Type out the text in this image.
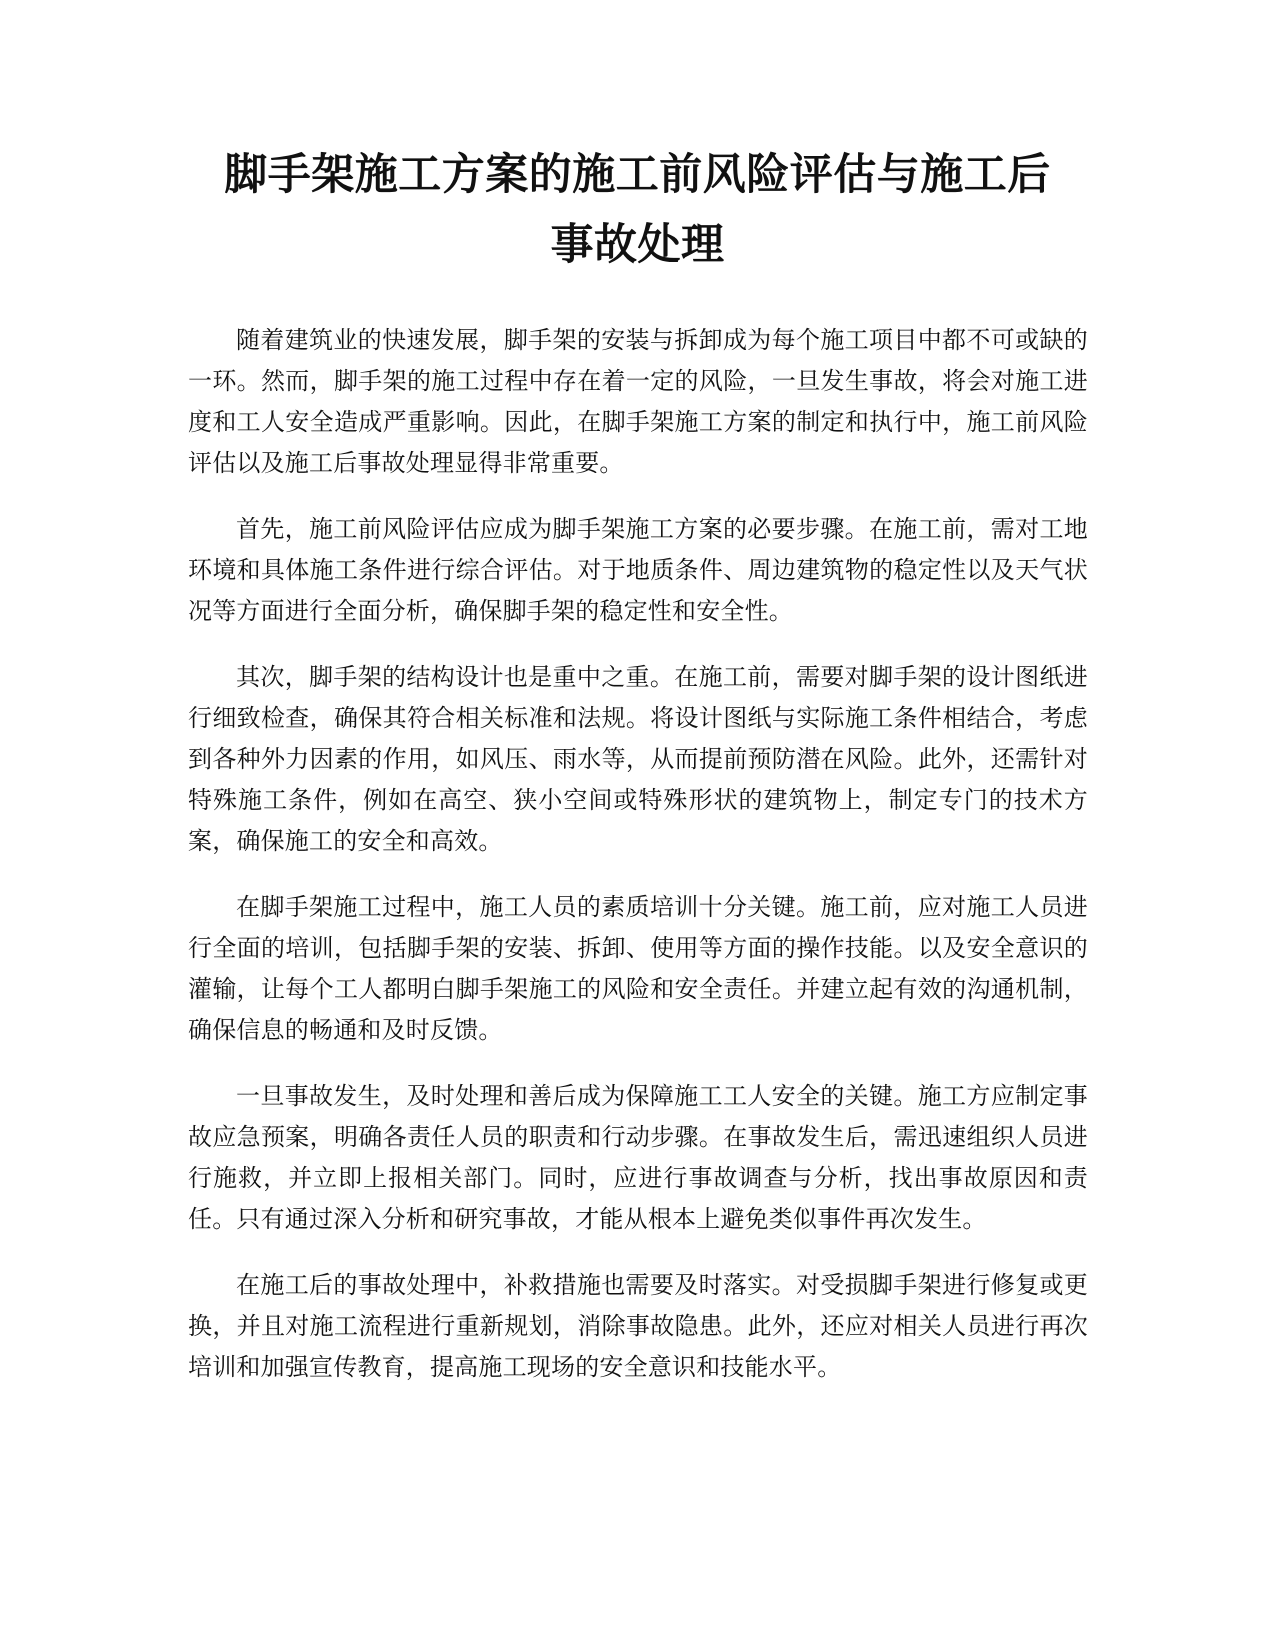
脚手架施工方案的施工前风险评估与施工后
事故处理

随着建筑业的快速发展，脚手架的安装与拆卸成为每个施工项目中都不可或缺的一环。然而，脚手架的施工过程中存在着一定的风险，一旦发生事故，将会对施工进度和工人安全造成严重影响。因此，在脚手架施工方案的制定和执行中，施工前风险评估以及施工后事故处理显得非常重要。

首先，施工前风险评估应成为脚手架施工方案的必要步骤。在施工前，需对工地环境和具体施工条件进行综合评估。对于地质条件、周边建筑物的稳定性以及天气状况等方面进行全面分析，确保脚手架的稳定性和安全性。

其次，脚手架的结构设计也是重中之重。在施工前，需要对脚手架的设计图纸进行细致检查，确保其符合相关标准和法规。将设计图纸与实际施工条件相结合，考虑到各种外力因素的作用，如风压、雨水等，从而提前预防潜在风险。此外，还需针对特殊施工条件，例如在高空、狭小空间或特殊形状的建筑物上，制定专门的技术方案，确保施工的安全和高效。

在脚手架施工过程中，施工人员的素质培训十分关键。施工前，应对施工人员进行全面的培训，包括脚手架的安装、拆卸、使用等方面的操作技能。以及安全意识的灌输，让每个工人都明白脚手架施工的风险和安全责任。并建立起有效的沟通机制，确保信息的畅通和及时反馈。

一旦事故发生，及时处理和善后成为保障施工工人安全的关键。施工方应制定事故应急预案，明确各责任人员的职责和行动步骤。在事故发生后，需迅速组织人员进行施救，并立即上报相关部门。同时，应进行事故调查与分析，找出事故原因和责任。只有通过深入分析和研究事故，才能从根本上避免类似事件再次发生。

在施工后的事故处理中，补救措施也需要及时落实。对受损脚手架进行修复或更换，并且对施工流程进行重新规划，消除事故隐患。此外，还应对相关人员进行再次培训和加强宣传教育，提高施工现场的安全意识和技能水平。
